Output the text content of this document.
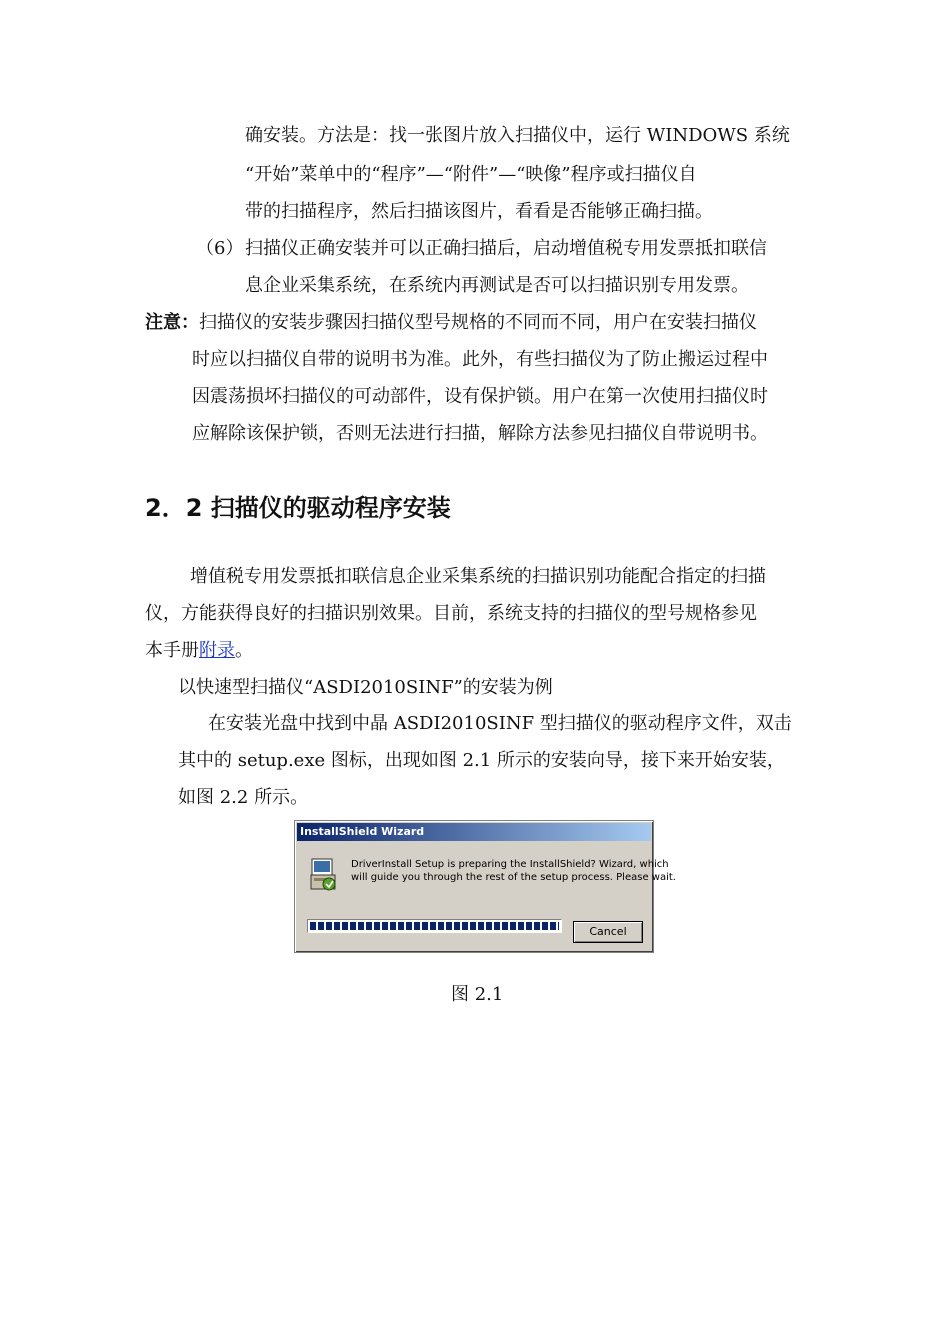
确安装。方法是：找一张图片放入扫描仪中，运行 WINDOWS 系统
“开始”菜单中的“程序”—“附件”—“映像”程序或扫描仪自
带的扫描程序，然后扫描该图片，看看是否能够正确扫描。
（6） 扫描仪正确安装并可以正确扫描后，启动增值税专用发票抵扣联信
息企业采集系统，在系统内再测试是否可以扫描识别专用发票。
注意：扫描仪的安装步骤因扫描仪型号规格的不同而不同，用户在安装扫描仪
时应以扫描仪自带的说明书为准。此外，有些扫描仪为了防止搬运过程中
因震荡损坏扫描仪的可动部件，设有保护锁。用户在第一次使用扫描仪时
应解除该保护锁，否则无法进行扫描，解除方法参见扫描仪自带说明书。
2．2 扫描仪的驱动程序安装
增值税专用发票抵扣联信息企业采集系统的扫描识别功能配合指定的扫描
仪，方能获得良好的扫描识别效果。目前，系统支持的扫描仪的型号规格参见
本手册附录。
以快速型扫描仪“ASDI2010SINF”的安装为例
在安装光盘中找到中晶 ASDI2010SINF 型扫描仪的驱动程序文件，双击
其中的 setup.exe 图标，出现如图 2.1 所示的安装向导，接下来开始安装，
如图 2.2 所示。
InstallShield Wizard
DriverInstall Setup is preparing the InstallShield? Wizard, which
will guide you through the rest of the setup process. Please wait.
Cancel
图 2.1
